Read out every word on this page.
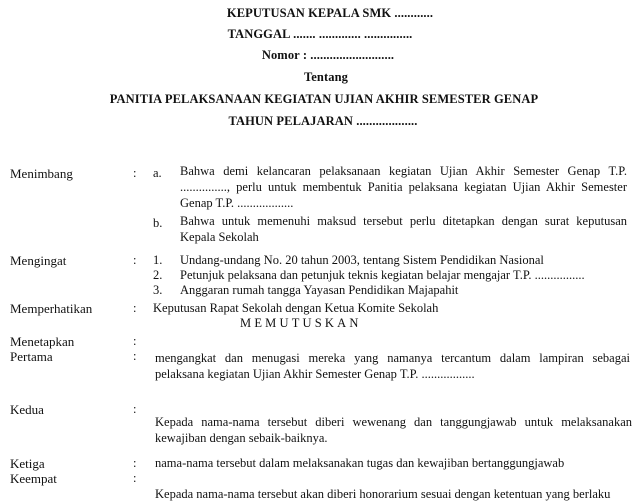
KEPUTUSAN KEPALA SMK ............
TANGGAL ....... ............. ...............
Nomor : ..........................
Tentang
PANITIA PELAKSANAAN KEGIATAN UJIAN AKHIR SEMESTER GENAP
TAHUN PELAJARAN ...................
Menimbang	: a. Bahwa demi kelancaran pelaksanaan kegiatan Ujian Akhir Semester Genap T.P.
..............., perlu untuk membentuk Panitia pelaksana kegiatan Ujian Akhir Semester
Genap T.P. ..................
b. Bahwa untuk memenuhi maksud tersebut perlu ditetapkan dengan surat keputusan
Kepala Sekolah
Mengingat	: 1. Undang-undang No. 20 tahun 2003, tentang Sistem Pendidikan Nasional
2. Petunjuk pelaksana dan petunjuk teknis kegiatan belajar mengajar T.P. ................
3. Anggaran rumah tangga Yayasan Pendidikan Majapahit
Memperhatikan	: Keputusan Rapat Sekolah dengan Ketua Komite Sekolah
MEMUTUSKAN
Menetapkan	:
Pertama	: mengangkat dan menugasi mereka yang namanya tercantum dalam lampiran sebagai
pelaksana kegiatan Ujian Akhir Semester Genap T.P. .................
Kedua	:
Kepada nama-nama tersebut diberi wewenang dan tanggungjawab untuk melaksanakan
kewajiban dengan sebaik-baiknya.
Ketiga	: nama-nama tersebut dalam melaksanakan tugas dan kewajiban bertanggungjawab
Keempat	:
Kepada nama-nama tersebut akan diberi honorarium sesuai dengan ketentuan yang berlaku
